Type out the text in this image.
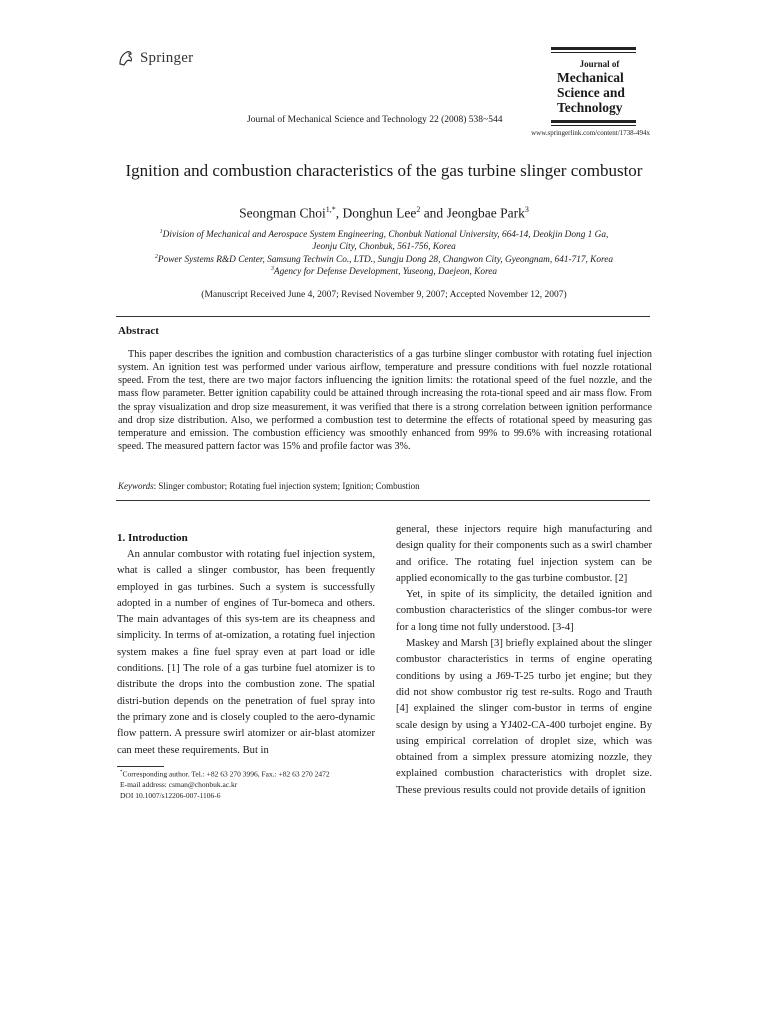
Springer	Journal of
Mechanical Science and Technology
Journal of Mechanical Science and Technology 22 (2008) 538~544
www.springerlink.com/content/1738-494x
Ignition and combustion characteristics of the gas turbine slinger combustor
Seongman Choi$^{1,*}$, Donghun Lee$^2$ and Jeongbae Park$^3$
$^1$Division of Mechanical and Aerospace System Engineering, Chonbuk National University, 664-14, Deokjin Dong 1 Ga,
Jeonju City, Chonbuk, 561-756, Korea
$^2$Power Systems R&D Center, Samsung Techwin Co., LTD., Sungju Dong 28, Changwon City, Gyeongnam, 641-717, Korea
$^3$Agency for Defense Development, Yuseong, Daejeon, Korea
(Manuscript Received June 4, 2007; Revised November 9, 2007; Accepted November 12, 2007)
Abstract
This paper describes the ignition and combustion characteristics of a gas turbine slinger combustor with rotating fuel injection system. An ignition test was performed under various airflow, temperature and pressure conditions with fuel nozzle rotational speed. From the test, there are two major factors influencing the ignition limits: the rotational speed of the fuel nozzle, and the mass flow parameter. Better ignition capability could be attained through increasing the rota-tional speed and air mass flow. From the spray visualization and drop size measurement, it was verified that there is a strong correlation between ignition performance and drop size distribution. Also, we performed a combustion test to determine the effects of rotational speed by measuring gas temperature and emission. The combustion efficiency was smoothly enhanced from 99% to 99.6% with increasing rotational speed. The measured pattern factor was 15% and profile factor was 3%.
Keywords: Slinger combustor; Rotating fuel injection system; Ignition; Combustion
1. Introduction

An annular combustor with rotating fuel injection system, what is called a slinger combustor, has been frequently employed in gas turbines. Such a system is successfully adopted in a number of engines of Tur-bomeca and others. The main advantages of this sys-tem are its cheapness and simplicity. In terms of at-omization, a rotating fuel injection system makes a fine fuel spray even at part load or idle conditions. [1] The role of a gas turbine fuel atomizer is to distribute the drops into the combustion zone. The spatial distri-bution depends on the penetration of fuel spray into the primary zone and is closely coupled to the aero-dynamic flow pattern. A pressure swirl atomizer or air-blast atomizer can meet these requirements. But in

general, these injectors require high manufacturing and design quality for their components such as a swirl chamber and orifice. The rotating fuel injection system can be applied economically to the gas turbine combustor. [2]

Yet, in spite of its simplicity, the detailed ignition and combustion characteristics of the slinger combus-tor were for a long time not fully understood. [3-4]

Maskey and Marsh [3] briefly explained about the slinger combustor characteristics in terms of engine operating conditions by using a J69-T-25 turbo jet engine; but they did not show combustor rig test re-sults. Rogo and Trauth [4] explained the slinger com-bustor in terms of engine scale design by using a YJ402-CA-400 turbojet engine. By using empirical correlation of droplet size, which was obtained from a simplex pressure atomizing nozzle, they explained combustion characteristics with droplet size. These previous results could not provide details of ignition

*Corresponding author. Tel.: +82 63 270 3996, Fax.: +82 63 270 2472
E-mail address: csman@chonbuk.ac.kr
DOI 10.1007/s12206-007-1106-6
